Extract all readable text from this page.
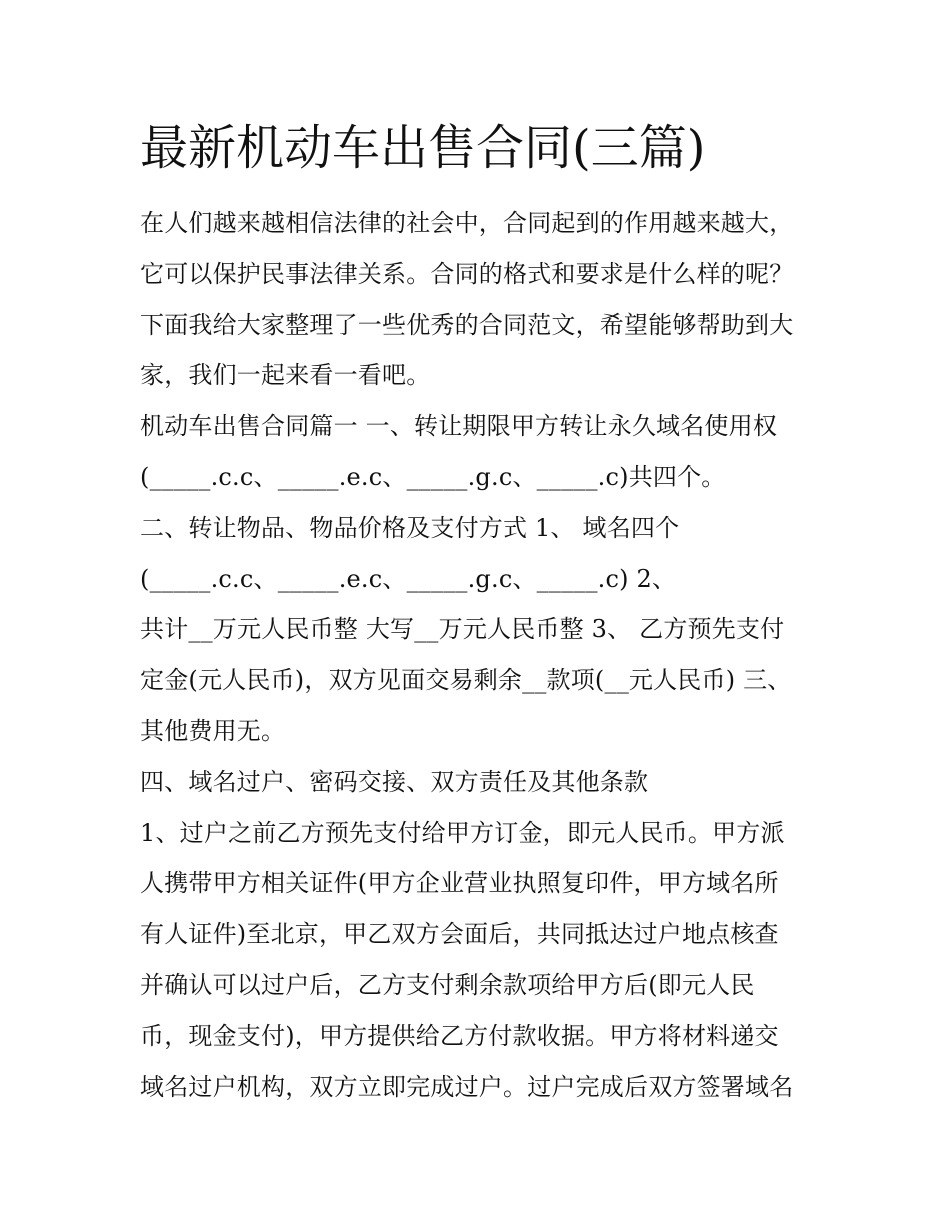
最新机动车出售合同(三篇)
在人们越来越相信法律的社会中，合同起到的作用越来越大，
它可以保护民事法律关系。合同的格式和要求是什么样的呢？
下面我给大家整理了一些优秀的合同范文，希望能够帮助到大
家，我们一起来看一看吧。
机动车出售合同篇一 一、转让期限甲方转让永久域名使用权
(_____.c.c、_____.e.c、_____.g.c、_____.c)共四个。
二、转让物品、物品价格及支付方式 1、 域名四个
(_____.c.c、_____.e.c、_____.g.c、_____.c) 2、
共计__万元人民币整 大写__万元人民币整 3、 乙方预先支付
定金(元人民币)，双方见面交易剩余__款项(__元人民币) 三、
其他费用无。
四、域名过户、密码交接、双方责任及其他条款
1、过户之前乙方预先支付给甲方订金，即元人民币。甲方派
人携带甲方相关证件(甲方企业营业执照复印件，甲方域名所
有人证件)至北京，甲乙双方会面后，共同抵达过户地点核查
并确认可以过户后，乙方支付剩余款项给甲方后(即元人民
币，现金支付)，甲方提供给乙方付款收据。甲方将材料递交
域名过户机构，双方立即完成过户。过户完成后双方签署域名
